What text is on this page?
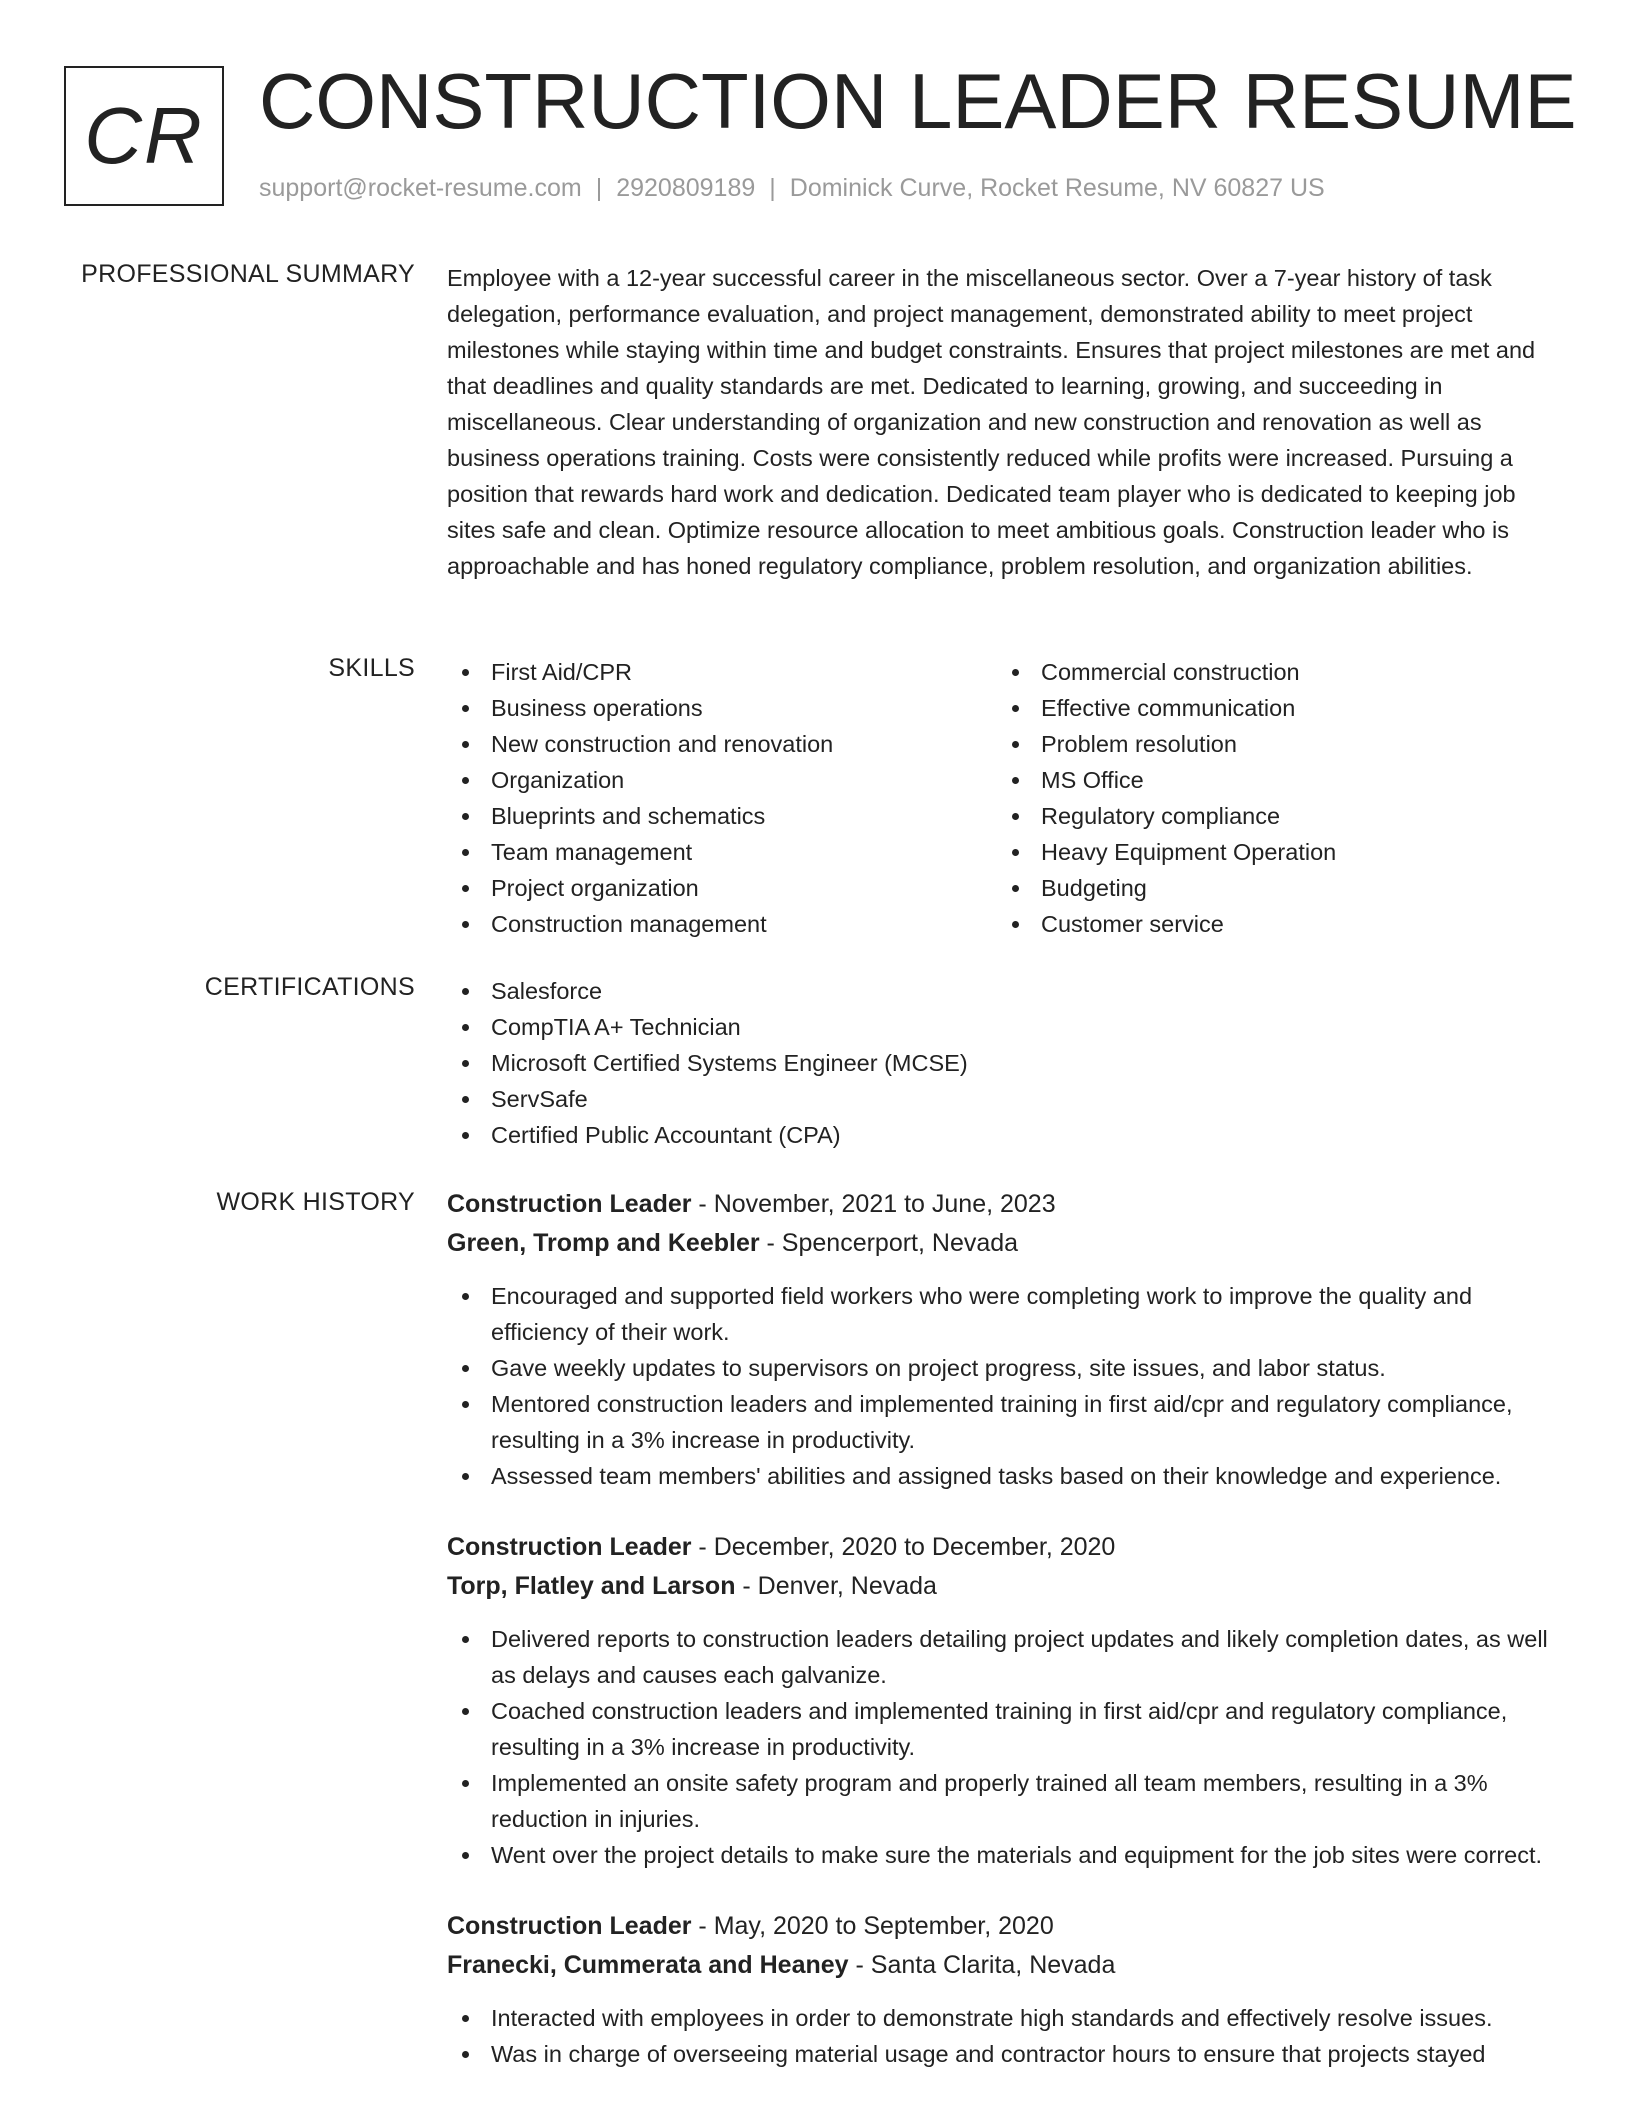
CR CONSTRUCTION LEADER RESUME
support@rocket-resume.com | 2920809189 | Dominick Curve, Rocket Resume, NV 60827 US
PROFESSIONAL SUMMARY Employee with a 12-year successful career in the miscellaneous sector. Over a 7-year history of task delegation, performance evaluation, and project management, demonstrated ability to meet project milestones while staying within time and budget constraints. Ensures that project milestones are met and that deadlines and quality standards are met. Dedicated to learning, growing, and succeeding in miscellaneous. Clear understanding of organization and new construction and renovation as well as business operations training. Costs were consistently reduced while profits were increased. Pursuing a position that rewards hard work and dedication. Dedicated team player who is dedicated to keeping job sites safe and clean. Optimize resource allocation to meet ambitious goals. Construction leader who is approachable and has honed regulatory compliance, problem resolution, and organization abilities.

SKILLS	First Aid/CPR
Business operations
New construction and renovation
Organization
Blueprints and schematics
Team management
Project organization
Construction management
Commercial construction
Effective communication
Problem resolution
MS Office
Regulatory compliance
Heavy Equipment Operation
Budgeting
Customer service
CERTIFICATIONS	Salesforce
CompTIA A+ Technician
Microsoft Certified Systems Engineer (MCSE)
ServSafe
Certified Public Accountant (CPA)
WORK HISTORY Construction Leader - November, 2021 to June, 2023
Green, Tromp and Keebler - Spencerport, Nevada
Encouraged and supported field workers who were completing work to improve the quality and efficiency of their work.
Gave weekly updates to supervisors on project progress, site issues, and labor status.
Mentored construction leaders and implemented training in first aid/cpr and regulatory compliance, resulting in a 3% increase in productivity.
Assessed team members' abilities and assigned tasks based on their knowledge and experience.
Construction Leader - December, 2020 to December, 2020
Torp, Flatley and Larson - Denver, Nevada
Delivered reports to construction leaders detailing project updates and likely completion dates, as well as delays and causes each galvanize.
Coached construction leaders and implemented training in first aid/cpr and regulatory compliance, resulting in a 3% increase in productivity.
Implemented an onsite safety program and properly trained all team members, resulting in a 3% reduction in injuries.
Went over the project details to make sure the materials and equipment for the job sites were correct.
Construction Leader - May, 2020 to September, 2020
Franecki, Cummerata and Heaney - Santa Clarita, Nevada
Interacted with employees in order to demonstrate high standards and effectively resolve issues.
Was in charge of overseeing material usage and contractor hours to ensure that projects stayed
